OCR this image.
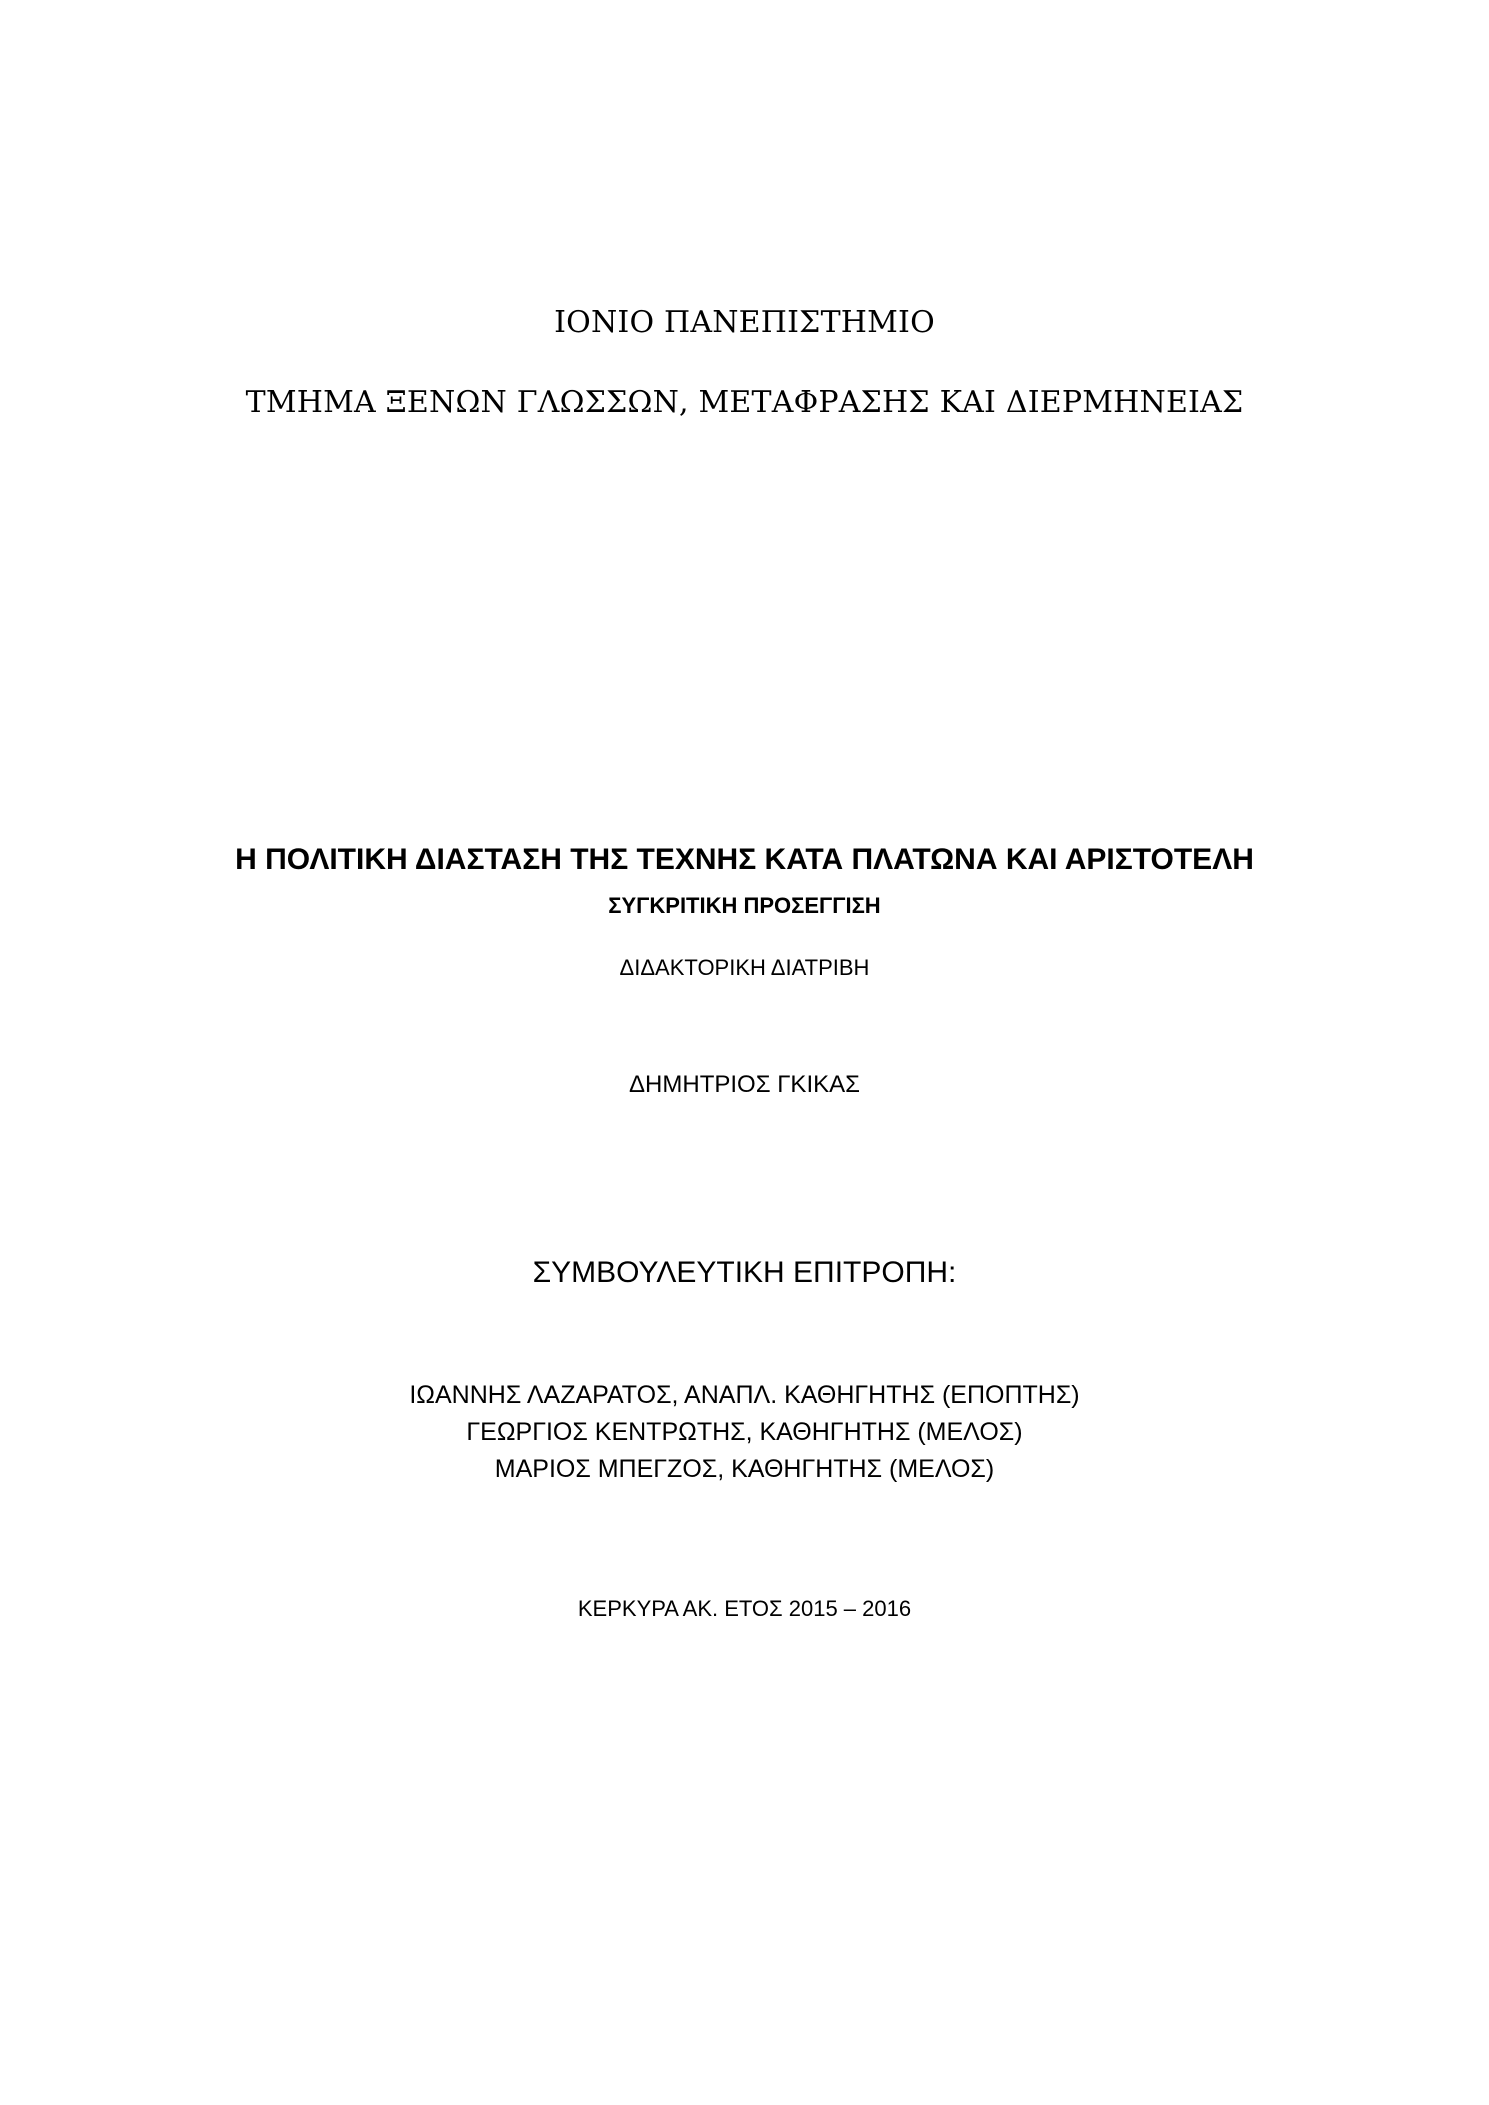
ΙΟΝΙΟ ΠΑΝΕΠΙΣΤΗΜΙΟ
ΤΜΗΜΑ ΞΕΝΩΝ ΓΛΩΣΣΩΝ, ΜΕΤΑΦΡΑΣΗΣ ΚΑΙ ΔΙΕΡΜΗΝΕΙΑΣ
Η ΠΟΛΙΤΙΚΗ ΔΙΑΣΤΑΣΗ ΤΗΣ ΤΕΧΝΗΣ ΚΑΤΑ ΠΛΑΤΩΝΑ ΚΑΙ ΑΡΙΣΤΟΤΕΛΗ
ΣΥΓΚΡΙΤΙΚΗ ΠΡΟΣΕΓΓΙΣΗ
ΔΙΔΑΚΤΟΡΙΚΗ ΔΙΑΤΡΙΒΗ
ΔΗΜΗΤΡΙΟΣ ΓΚΙΚΑΣ
ΣΥΜΒΟΥΛΕΥΤΙΚΗ ΕΠΙΤΡΟΠΗ:
ΙΩΑΝΝΗΣ ΛΑΖΑΡΑΤΟΣ, ΑΝΑΠΛ. ΚΑΘΗΓΗΤΗΣ (ΕΠΟΠΤΗΣ)
ΓΕΩΡΓΙΟΣ ΚΕΝΤΡΩΤΗΣ, ΚΑΘΗΓΗΤΗΣ (ΜΕΛΟΣ)
ΜΑΡΙΟΣ ΜΠΕΓΖΟΣ, ΚΑΘΗΓΗΤΗΣ (ΜΕΛΟΣ)
ΚΕΡΚΥΡΑ ΑΚ. ΕΤΟΣ 2015 – 2016
